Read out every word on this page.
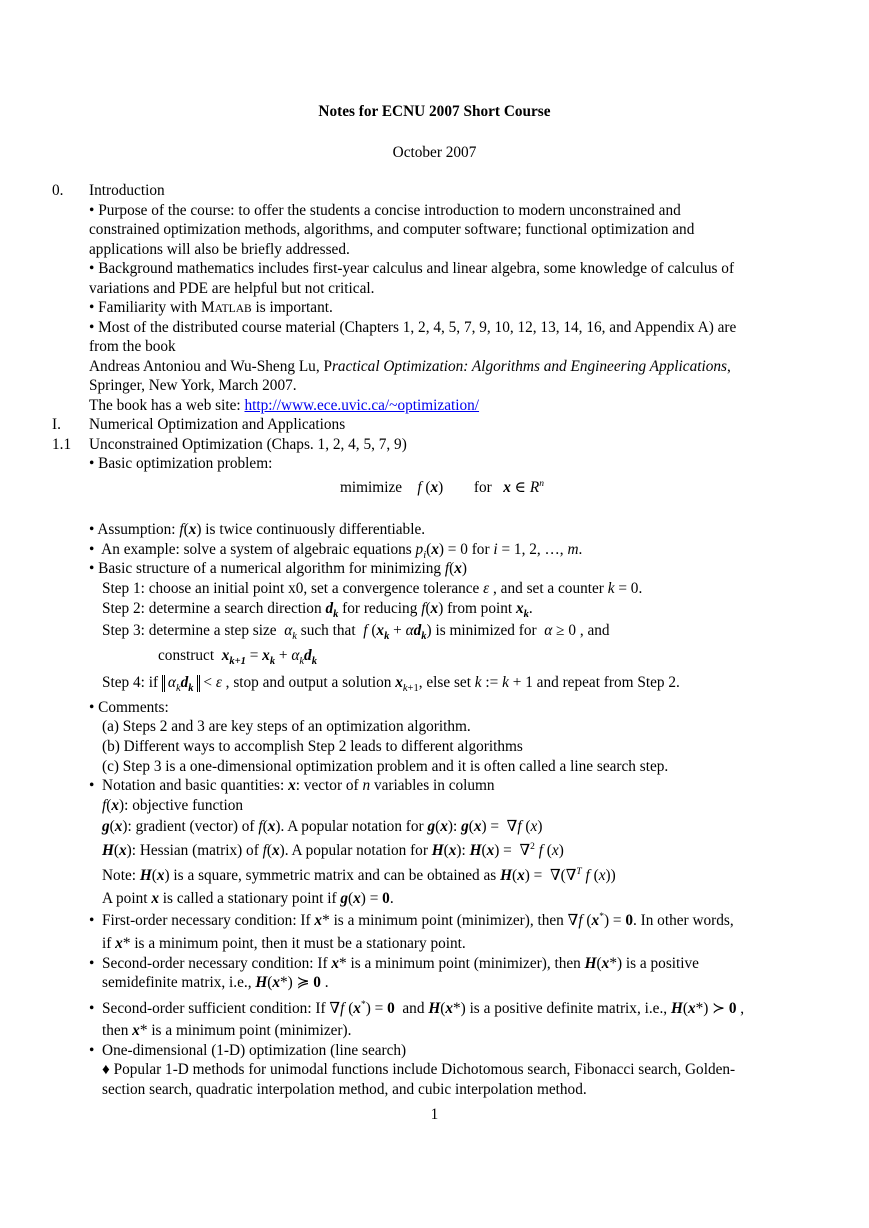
Notes for ECNU 2007 Short Course
October 2007
0. Introduction
• Purpose of the course: to offer the students a concise introduction to modern unconstrained and
constrained optimization methods, algorithms, and computer software; functional optimization and
applications will also be briefly addressed.
• Background mathematics includes first-year calculus and linear algebra, some knowledge of calculus of
variations and PDE are helpful but not critical.
• Familiarity with MATLAB is important.
• Most of the distributed course material (Chapters 1, 2, 4, 5, 7, 9, 10, 12, 13, 14, 16, and Appendix A) are
from the book
Andreas Antoniou and Wu-Sheng Lu, Practical Optimization: Algorithms and Engineering Applications,
Springer, New York, March 2007.
The book has a web site: http://www.ece.uvic.ca/~optimization/
I. Numerical Optimization and Applications
1.1 Unconstrained Optimization (Chaps. 1, 2, 4, 5, 7, 9)
• Basic optimization problem:
mimimize f (x)        for x ∈ $R^n$
• Assumption: f(x) is twice continuously differentiable.
•  An example: solve a system of algebraic equations $p_i(x) = 0$ for i = 1, 2, …, m.
• Basic structure of a numerical algorithm for minimizing f(x)
Step 1: choose an initial point x0, set a convergence tolerance ε , and set a counter k = 0.
Step 2: determine a search direction $d_k$ for reducing f(x) from point $x_k$.
Step 3: determine a step size $\alpha_k$ such that f $(x_k + \alpha d_k)$ is minimized for α ≥ 0 , and
construct $x_{k+1} = x_k + \alpha_kd_k$
Step 4: if $\alpha_kd_k < \varepsilon$ , stop and output a solution $x_{k+1}$, else set k := k + 1 and repeat from Step 2.
• Comments:
(a) Steps 2 and 3 are key steps of an optimization algorithm.
(b) Different ways to accomplish Step 2 leads to different algorithms
(c) Step 3 is a one-dimensional optimization problem and it is often called a line search step.
•  Notation and basic quantities: x: vector of n variables in column
f(x): objective function
g(x): gradient (vector) of f(x). A popular notation for g(x): g(x) =  ∇f (x)
H(x): Hessian (matrix) of f(x). A popular notation for H(x): H(x) =  ∇$^2$ f (x)
Note: H(x) is a square, symmetric matrix and can be obtained as H(x) =  ∇(∇$^T$ f (x))
A point x is called a stationary point if g(x) = 0.
•  First-order necessary condition: If x* is a minimum point (minimizer), then ∇f (x*) = 0. In other words,
if x* is a minimum point, then it must be a stationary point.
•  Second-order necessary condition: If x* is a minimum point (minimizer), then H(x*) is a positive
semidefinite matrix, i.e., H(x*) ≽ 0 .
•  Second-order sufficient condition: If ∇f (x*) = 0 and H(x*) is a positive definite matrix, i.e., H(x*) ≻ 0 ,
then x* is a minimum point (minimizer).
•  One-dimensional (1-D) optimization (line search)
♦ Popular 1-D methods for unimodal functions include Dichotomous search, Fibonacci search, Golden-
section search, quadratic interpolation method, and cubic interpolation method.
1
